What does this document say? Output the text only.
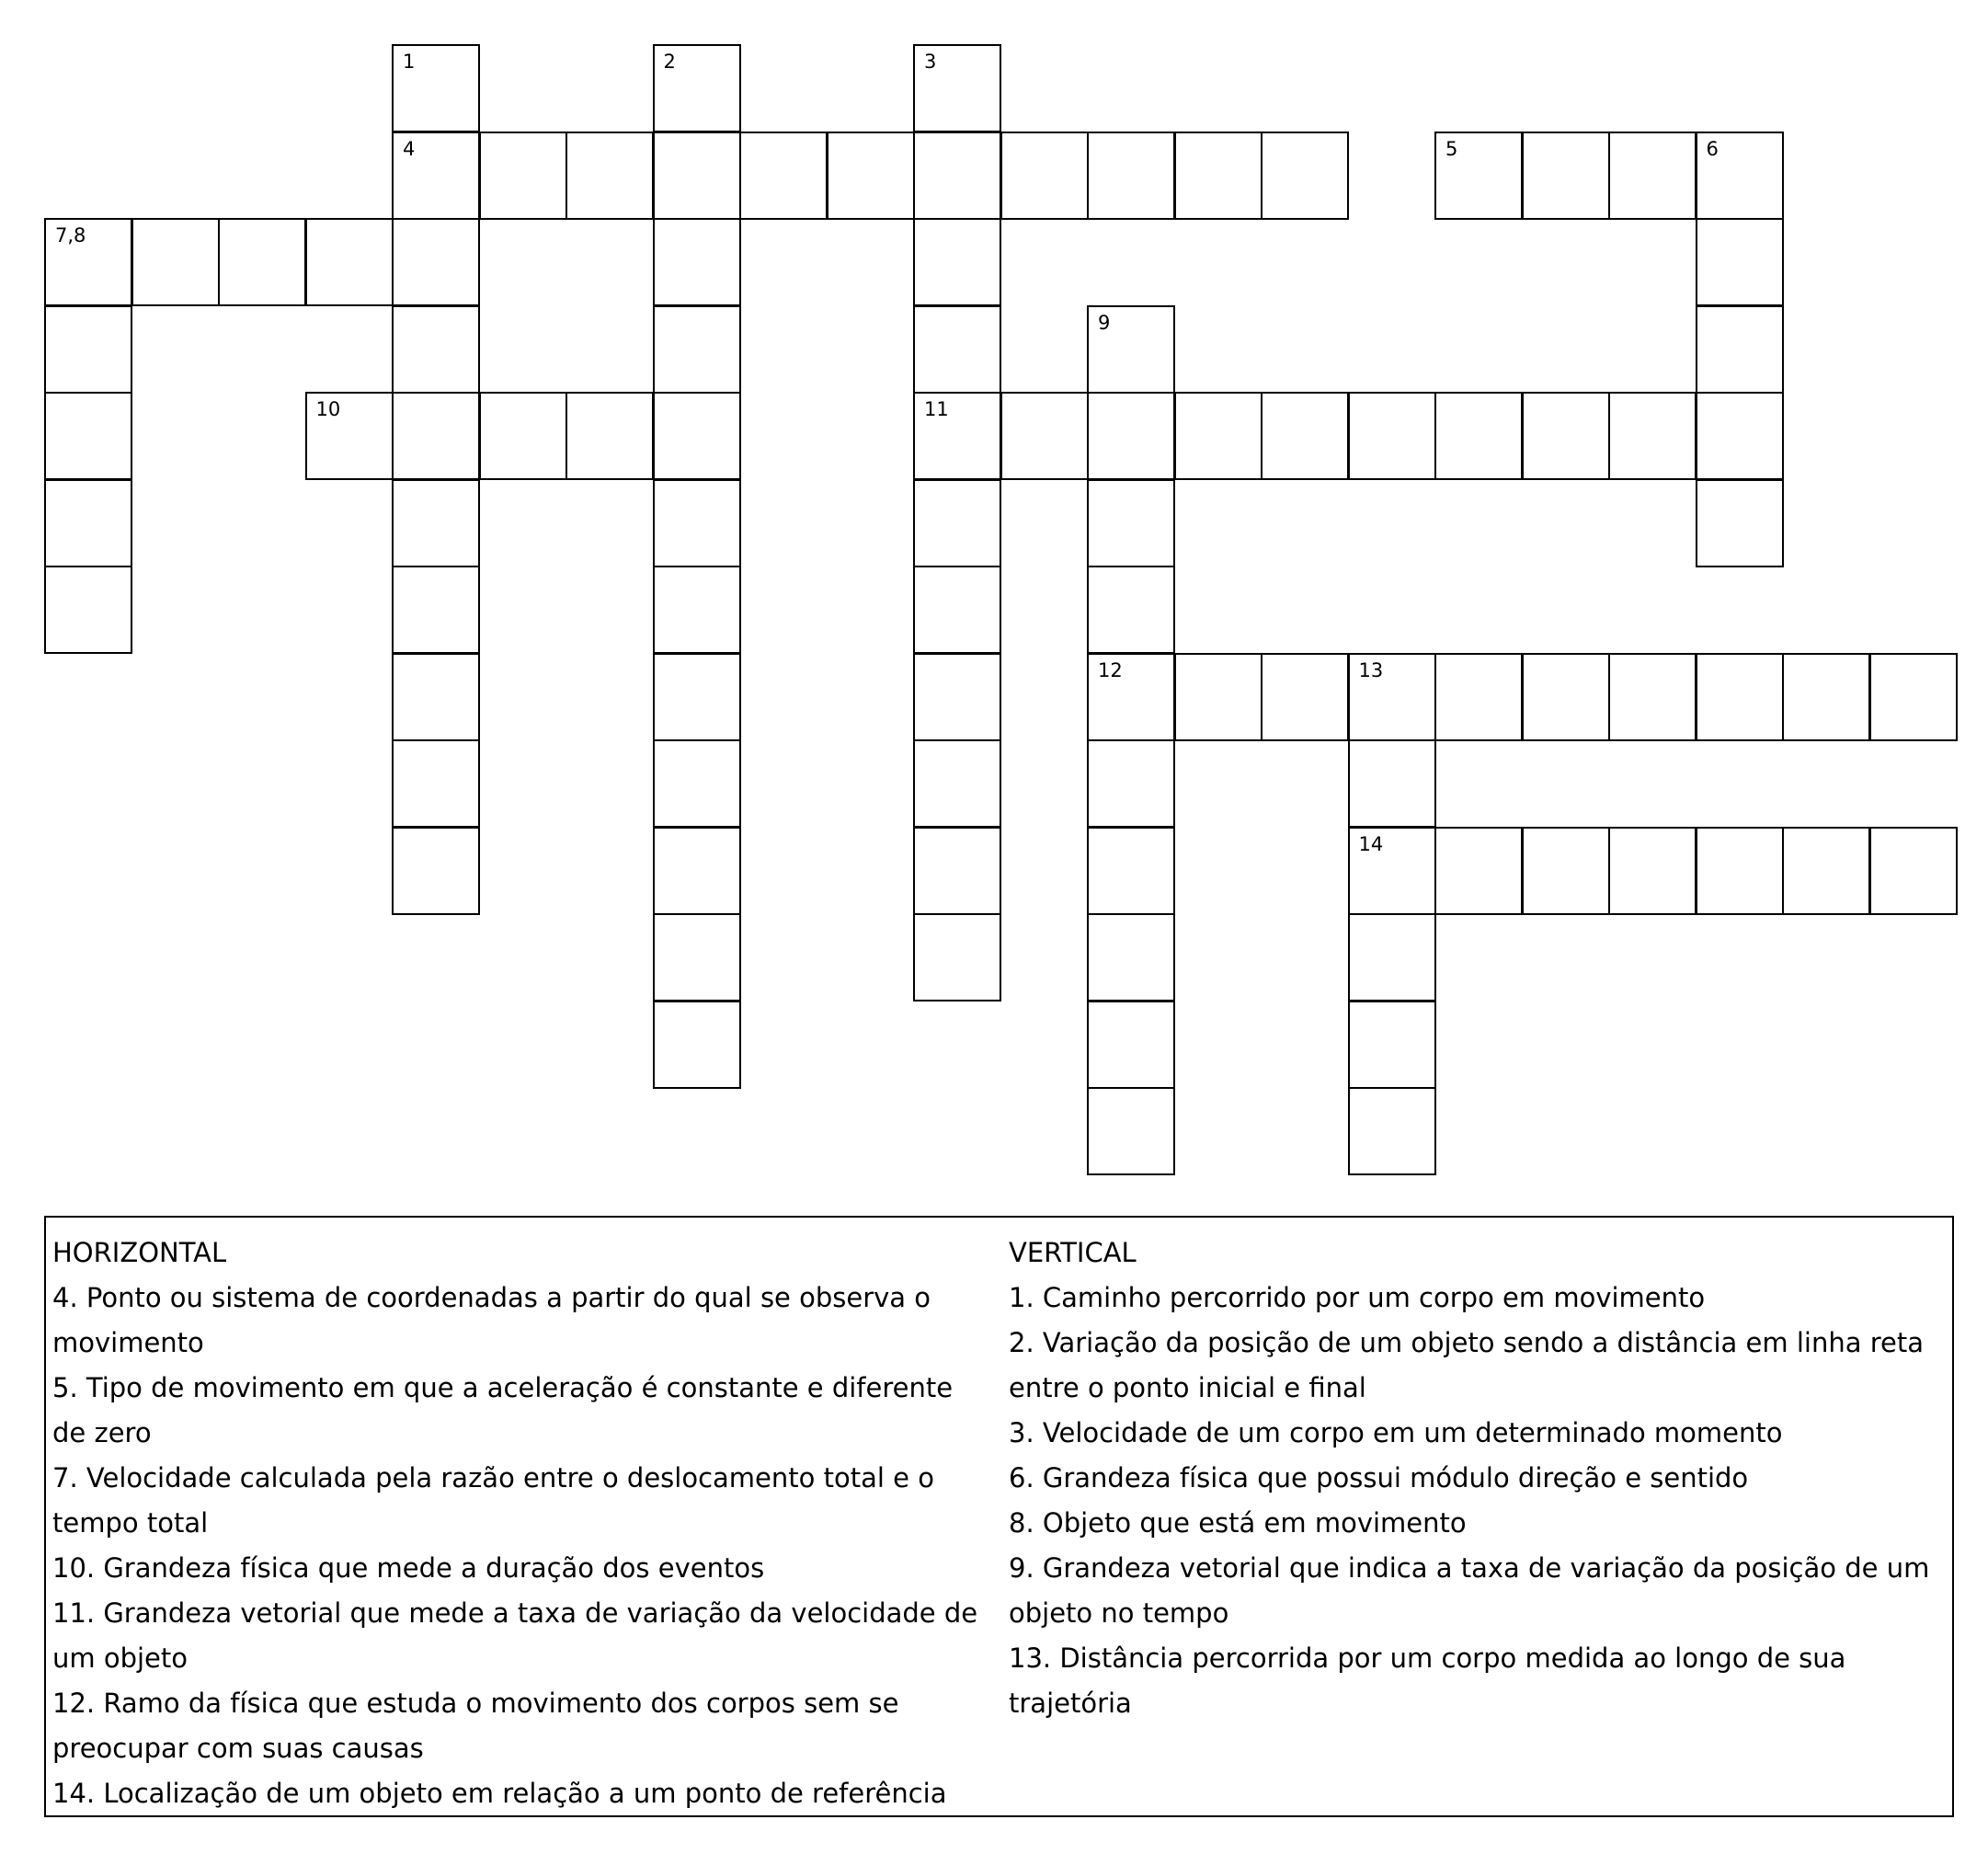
4	5	6
7,8
10	11
12	13
14
1	2	3
9
HORIZONTAL
4. Ponto ou sistema de coordenadas a partir do qual se observa o movimento
5. Tipo de movimento em que a aceleração é constante e diferente de zero
7. Velocidade calculada pela razão entre o deslocamento total e o tempo total
10. Grandeza física que mede a duração dos eventos
11. Grandeza vetorial que mede a taxa de variação da velocidade de um objeto
12. Ramo da física que estuda o movimento dos corpos sem se preocupar com suas causas
14. Localização de um objeto em relação a um ponto de referência
VERTICAL
1. Caminho percorrido por um corpo em movimento
2. Variação da posição de um objeto sendo a distância em linha reta entre o ponto inicial e final
3. Velocidade de um corpo em um determinado momento
6. Grandeza física que possui módulo direção e sentido
8. Objeto que está em movimento
9. Grandeza vetorial que indica a taxa de variação da posição de um objeto no tempo
13. Distância percorrida por um corpo medida ao longo de sua trajetória
